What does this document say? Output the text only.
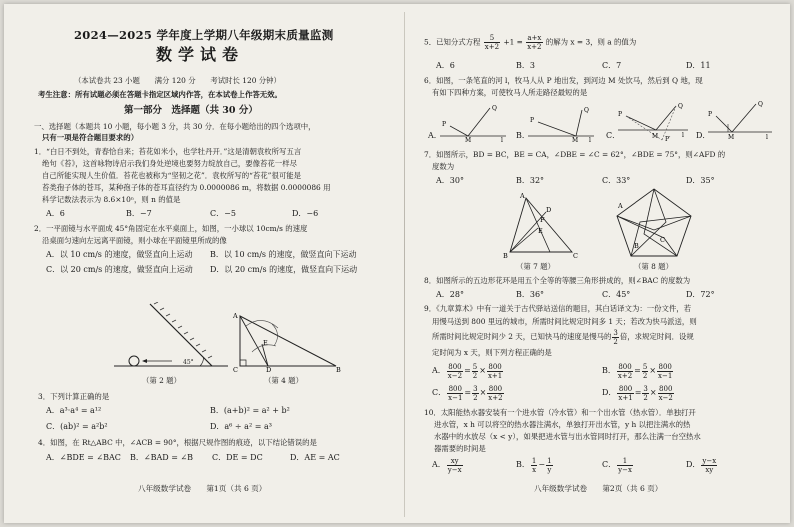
2024—2025 学年度上学期八年级期末质量监测
数学试卷
（本试卷共 23 小题　　满分 120 分　　考试时长 120 分钟）
考生注意：所有试题必须在答题卡指定区域内作答，在本试卷上作答无效。
第一部分　选择题（共 30 分）
一、选择题（本题共 10 小题，每小题 3 分，共 30 分．在每小题给出的四个选项中，
只有一项是符合题目要求的）
1．“白日不到处，青春恰自来；苔花如米小，也学牡丹开．”这是清朝袁枚所写五言
绝句《苔》，这首咏物诗启示我们身处逆境也要努力绽放自己，要像苔花一样尽
自己所能实现人生价值．苔花也被称为“坚韧之花”．袁枚所写的“苔花”很可能是
苔类孢子体的苍耳，某种孢子体的苍耳直径约为 0.0000086 m，将数据 0.0000086 用
科学记数法表示为 8.6×10ⁿ，则 n 的值是
A．6	B．−7	C．−5	D．−6
2．一平面镜与水平面成 45°角固定在水平桌面上，如图，一小球以 10cm/s 的速度
沿桌面匀速向左远离平面镜，则小球在平面镜里所成的像
A．以 10 cm/s 的速度，做竖直向上运动 B．以 10 cm/s 的速度，做竖直向下运动
C．以 20 cm/s 的速度，做竖直向上运动 D．以 20 cm/s 的速度，做竖直向下运动
45°
（第 2 题）
A
B
C	D
E
（第 4 题）
3．下列计算正确的是
A．a³·a⁴ = a¹²	B．(a+b)² = a² + b²
C．(ab)² = a²b²	D．a⁶ ÷ a² = a³
4．如图，在 Rt△ABC 中，∠ACB = 90°，根据尺规作图的痕迹，以下结论错误的是
A．∠BDE = ∠BAC B．∠BAD = ∠B C．DE = DC	D．AE = AC
八年级数学试卷　　第1页（共 6 页）
5．已知分式方程 $\frac{5}{x+2} +1 = \frac{a+x}{x+2}$ 的解为 x = 3，则 a 的值为
A．6	B．3	C．7	D．11
6．如图，一条笔直的河 l，牧马人从 P 地出发，到河边 M 处饮马，然后到 Q 地，现
有如下四种方案，可使牧马人所走路径最短的是
A．
P
Q
M	l
B．
P
Q
M l
C．
P
Q
M P′
l D．
P
Q
M	l
7．如图所示，BD = BC，BE = CA，∠DBE = ∠C = 62°，∠BDE = 75°，则∠AFD 的
度数为
A．30°	B．32°	C．33°	D．35°
A
B	C
D
E
F
（第 7 题）
A
B
C
（第 8 题）
8．如图所示的五边形花环是用五个全等的等腰三角形拼成的，则∠BAC 的度数为
A．28°	B．36°	C．45°	D．72°
9．《九章算术》中有一道关于古代驿站送信的题目，其白话译文为：一份文件，若
用慢马送到 800 里远的城市，所需时间比规定时间多 1 天；若改为快马派送，则
所需时间比规定时间少 2 天，已知快马的速度是慢马的 $\frac{3}{2}$ 倍，求规定时间．设规
定时间为 x 天，则下列方程正确的是
A． $\frac{800}{x-2} = \frac{5}{2} \times \frac{800}{x+1}$	B． $\frac{800}{x+2} = \frac{5}{2} \times \frac{800}{x-1}$
C． $\frac{800}{x-1} = \frac{3}{2} \times \frac{800}{x+2}$	D． $\frac{800}{x+1} = \frac{3}{2} \times \frac{800}{x-2}$
10．太阳能热水器安装有一个进水管（冷水管）和一个出水管（热水管）．单独打开
进水管，x h 可以将空的热水器注满水，单独打开出水管，y h 以把注满水的热
水器中的水放尽（x < y），如果把进水管与出水管同时打开，那么注满一台空热水
器需要的时间是
A． $\frac{xy}{y-x}$	B． $\frac{1}{x} - \frac{1}{y}$	C． $\frac{1}{y-x}$	D． $\frac{y-x}{xy}$
八年级数学试卷　　第2页（共 6 页）
